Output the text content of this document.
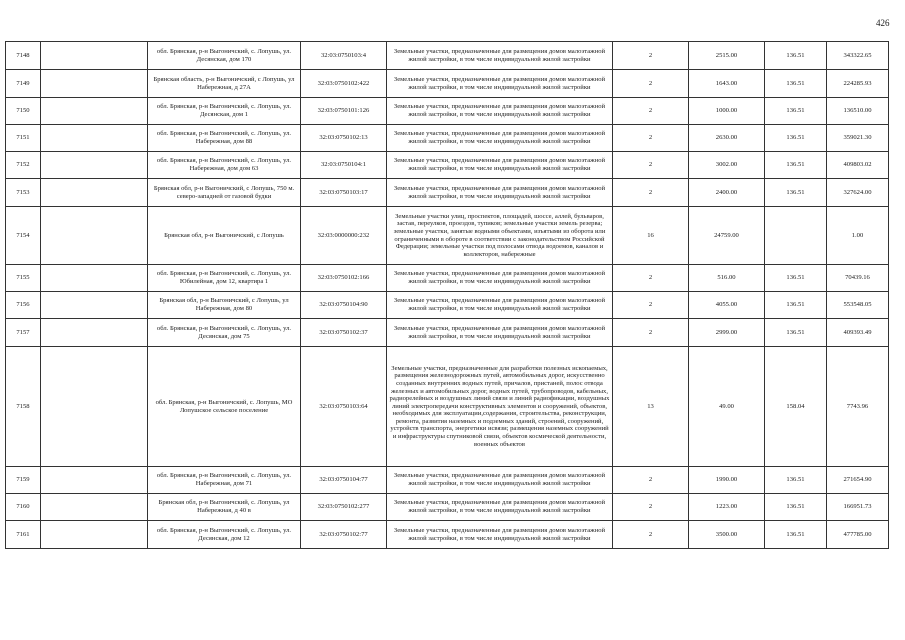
426
7148		обл. Брянская, р-н Выгоничский, с. Лопушь, ул. Десянская, дом 170	32:03:0750103:4	Земельные участки, предназначенные для размещения домов малоэтажной жилой застройки, в том числе индивидуальной жилой застройки	2	2515.00	136.51	343322.65
7149		Брянская область, р-н Выгоничский, с Лопушь, ул Набережная, д 27А	32:03:0750102:422	Земельные участки, предназначенные для размещения домов малоэтажной жилой застройки, в том числе индивидуальной жилой застройки	2	1643.00	136.51	224285.93
7150		обл. Брянская, р-н Выгоничский, с. Лопушь, ул. Десянская, дом 1	32:03:0750101:126	Земельные участки, предназначенные для размещения домов малоэтажной жилой застройки, в том числе индивидуальной жилой застройки	2	1000.00	136.51	136510.00
7151		обл. Брянская, р-н Выгоничский, с. Лопушь, ул. Набережная, дом 88	32:03:0750102:13	Земельные участки, предназначенные для размещения домов малоэтажной жилой застройки, в том числе индивидуальной жилой застройки	2	2630.00	136.51	359021.30
7152		обл. Брянская, р-н Выгоничский, с. Лопушь, ул. Набережная, дом дом 63	32:03:0750104:1	Земельные участки, предназначенные для размещения домов малоэтажной жилой застройки, в том числе индивидуальной жилой застройки	2	3002.00	136.51	409803.02
7153		Брянская обл, р-н Выгоничский, с Лопушь, 750 м. северо-западней от газовой будки	32:03:0750103:17	Земельные участки, предназначенные для размещения домов малоэтажной жилой застройки, в том числе индивидуальной жилой застройки	2	2400.00	136.51	327624.00
7154		Брянская обл, р-н Выгоничский, с Лопушь	32:03:0000000:232	Земельные участки улиц, проспектов, площадей, шоссе, аллей, бульваров, застав, переулков, проездов, тупиков; земельные участки земель резерва; земельные участки, занятые водными объектами, изъятыми из оборота или ограниченными в обороте в соответствии с законодательством Российской Федерации; земельные участки под полосами отвода водоемов, каналов и коллекторов, набережные	16	24759.00		1.00
7155		обл. Брянская, р-н Выгоничский, с. Лопушь, ул. Юбилейная, дом 12, квартира 1	32:03:0750102:166	Земельные участки, предназначенные для размещения домов малоэтажной жилой застройки, в том числе индивидуальной жилой застройки	2	516.00	136.51	70439.16
7156		Брянская обл, р-н Выгоничский, с Лопушь, ул Набережная, дом 80	32:03:0750104:90	Земельные участки, предназначенные для размещения домов малоэтажной жилой застройки, в том числе индивидуальной жилой застройки	2	4055.00	136.51	553548.05
7157		обл. Брянская, р-н Выгоничский, с. Лопушь, ул. Десянская, дом 75	32:03:0750102:37	Земельные участки, предназначенные для размещения домов малоэтажной жилой застройки, в том числе индивидуальной жилой застройки	2	2999.00	136.51	409393.49
7158		обл. Брянская, р-н Выгоничский, с. Лопушь, МО Лопушское сельское поселение	32:03:0750103:64	Земельные участки, предназначенные для разработки полезных ископаемых, размещения железнодорожных путей, автомобильных дорог, искусственно созданных внутренних водных путей, причалов, пристаней, полос отвода железных и автомобильных дорог, водных путей, трубопроводов, кабельных, радиорелейных и воздушных линий связи и линий радиофикации, воздушных линий электропередачи конструктивных элементов и сооружений, объектов, необходимых для эксплуатации,содержания, строительства, реконструкции, ремонта, развития наземных и подземных зданий, строений, сооружений, устройств транспорта, энергетики исвязи; размещения наземных сооружений и инфраструктуры спутниковой связи, объектов космической деятельности, военных объектов	13	49.00	158.04	7743.96
7159		обл. Брянская, р-н Выгоничский, с. Лопушь, ул. Набережная, дом 71	32:03:0750104:77	Земельные участки, предназначенные для размещения домов малоэтажной жилой застройки, в том числе индивидуальной жилой застройки	2	1990.00	136.51	271654.90
7160		Брянская обл, р-н Выгоничский, с. Лопушь, ул Набережная, д 40 в	32:03:0750102:277	Земельные участки, предназначенные для размещения домов малоэтажной жилой застройки, в том числе индивидуальной жилой застройки	2	1223.00	136.51	166951.73
7161		обл. Брянская, р-н Выгоничский, с. Лопушь, ул. Десянская, дом 12	32:03:0750102:77	Земельные участки, предназначенные для размещения домов малоэтажной жилой застройки, в том числе индивидуальной жилой застройки	2	3500.00	136.51	477785.00
